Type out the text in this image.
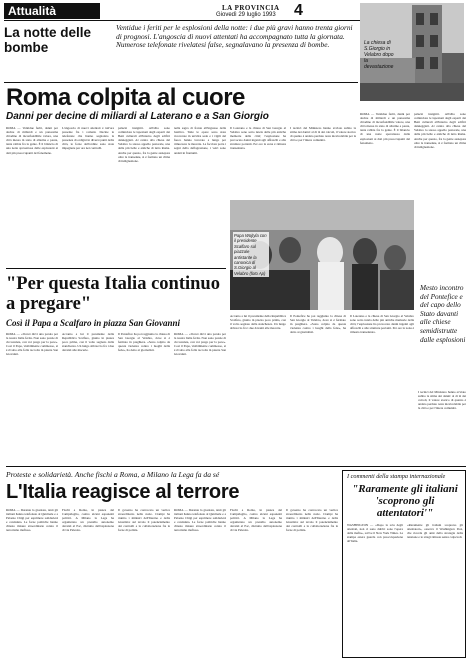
Attualità	LA PROVINCIA
Giovedì 29 luglio 1993 4
La chiesa di S.Giorgio in Velabro dopo la devastazione
La notte delle bombe
Ventidue i feriti per le esplosioni della notte: i due più gravi hanno trenta giorni di prognosi. L'angoscia di nuovi attentati ha accompagnato tutta la giornata. Numerose telefonate rivelatesi false, segnalavano la presenza di bombe.
Roma colpita al cuore
Danni per decine di miliardi al Laterano e a San Giorgio
ROMA — Ventidue feriti, danni per decine di miliardi e un panorama cittadino di inconfondibile valore, una città messa in stato di allarme e paura, tanta rabbia fra la gente. È il bilancio di una notte spaventosa dalle esplosioni ai dati più preoccupanti del fenomeno.
L'angoscia di nuovi attentati è tutt'ora presente fra i romani. Decine le telefonate che hanno segnalato la presenza di ordigni in diversi punti della città, le forze dell'ordine sono state impegnate per ore nei controlli.
palazzi insigniti. All'alba sono cominciate le ispezioni degli esperti dei Beni culturali all'interno degli edifici danneggiati. Al centro alla chiesa del Velabro lo stesso appello pastorale, una delle più belle e antiche di tutta Roma. Anche per questo, fra la gente assiepata oltre le transenne, si è formato un clima di indignazione.
nella sagra di fronte all'ingresso della basilica. Tutte le opere sono state ricoverate in un'altra sede e i vigili del fuoco hanno lavorato a lungo per rimuovere le macerie. La facciata porta i segni della deflagrazione, i vetri sono andati in frantumi.
Il Laterano e la chiesa di San Giorgio al Velabro sono sotto tutela delle più antiche memorie della città; l'esplosione ha provocato danni ingenti agli affreschi e alle strutture portanti. Per ore la zona è rimasta transennata.
I tecnici del Ministero hanno avviato subito la stima dei danni: al di là dei calcoli, il valore storico di quanto è andato perduto resta incalcolabile per la città e per l'intera comunità.
ROMA — Ventidue feriti, danni per decine di miliardi e un panorama cittadino di inconfondibile valore, una città messa in stato di allarme e paura, tanta rabbia fra la gente. È il bilancio di una notte spaventosa dalle esplosioni ai dati più preoccupanti del fenomeno.
palazzi insigniti. All'alba sono cominciate le ispezioni degli esperti dei Beni culturali all'interno degli edifici danneggiati. Al centro alla chiesa del Velabro lo stesso appello pastorale, una delle più belle e antiche di tutta Roma. Anche per questo, fra la gente assiepata oltre le transenne, si è formato un clima di indignazione.
Papa Wojtyla con il presidente Scalfaro sul piazzale antistante la canonica di S.Giorgio al Velabro (foto Ap)
Mesto incontro del Pontefice e del capo dello Stato davanti alle chiese semidistrutte dalle esplosioni
"Per questa Italia continuo a pregare"
Così il Papa a Scalfaro in piazza San Giovanni
ROMA — «Vorrei dirvi una parola per la nostra Italia ferita. Non sono parole di circostanza, con voi prego per la pace». Così il Papa, visibilmente commosso, si è rivolto alla folla raccolta in piazza San Giovanni.
Accanto a lui il presidente della Repubblica Scalfaro, giunto in piazza poco prima, con il volto segnato dalla stanchezza. Un lungo abbraccio fra i due davanti alle macerie.
Il Pontefice ha poi raggiunto la chiesa di San Giorgio al Velabro, dove si è fermato in preghiera. «Sono colpito da questa violenza contro i luoghi della fede», ha detto ai giornalisti.
ROMA — «Vorrei dirvi una parola per la nostra Italia ferita. Non sono parole di circostanza, con voi prego per la pace». Così il Papa, visibilmente commosso, si è rivolto alla folla raccolta in piazza San Giovanni.
Accanto a lui il presidente della Repubblica Scalfaro, giunto in piazza poco prima, con il volto segnato dalla stanchezza. Un lungo abbraccio fra i due davanti alle macerie.
Il Pontefice ha poi raggiunto la chiesa di San Giorgio al Velabro, dove si è fermato in preghiera. «Sono colpito da questa violenza contro i luoghi della fede», ha detto ai giornalisti.
Il Laterano e la chiesa di San Giorgio al Velabro sono sotto tutela delle più antiche memorie della città; l'esplosione ha provocato danni ingenti agli affreschi e alle strutture portanti. Per ore la zona è rimasta transennata.
I tecnici del Ministero hanno avviato subito la stima dei danni: al di là dei calcoli, il valore storico di quanto è andato perduto resta incalcolabile per la città e per l'intera comunità.
Proteste e solidarietà. Anche fischi a Roma, a Milano la Lega fa da sé
L'Italia reagisce al terrore
ROMA — Durante la giornata, tanti gli italiani hanno telefonato al Quirinale e a Palazzo Chigi per esprimere solidarietà e condanna. Le forze politiche hanno chiesto misure straordinarie contro il terrorismo mafioso.
Fischi a Roma, in piazza del Campidoglio, contro alcuni esponenti politici. A Milano la Lega ha organizzato un presidio autonomo davanti al Pac, distrutto dall'esplosione di via Palestro.
Il governo ha convocato un vertice straordinario nella notte. Ciampi ha riunito i ministri dell'Interno e della Giustizia: sul tavolo il potenziamento dei controlli e la collaborazione fra le forze di polizia.
ROMA — Durante la giornata, tanti gli italiani hanno telefonato al Quirinale e a Palazzo Chigi per esprimere solidarietà e condanna. Le forze politiche hanno chiesto misure straordinarie contro il terrorismo mafioso.
Fischi a Roma, in piazza del Campidoglio, contro alcuni esponenti politici. A Milano la Lega ha organizzato un presidio autonomo davanti al Pac, distrutto dall'esplosione di via Palestro.
Il governo ha convocato un vertice straordinario nella notte. Ciampi ha riunito i ministri dell'Interno e della Giustizia: sul tavolo il potenziamento dei controlli e la collaborazione fra le forze di polizia.
I commenti della stampa internazionale
"Raramente gli italiani 'scoprono gli attentatori'"
WASHINGTON — «Dopo la scia degli attentati, non ci sono dubbi: sono l'opera della mafia», scrive il New York Times. La stampa estera guarda con preoccupazione all'Italia.
«Raramente gli italiani scoprono gli attentatori», osserva il Washington Post, che ricorda gli anni della strategia della tensione e le stragi rimaste senza colpevoli.
